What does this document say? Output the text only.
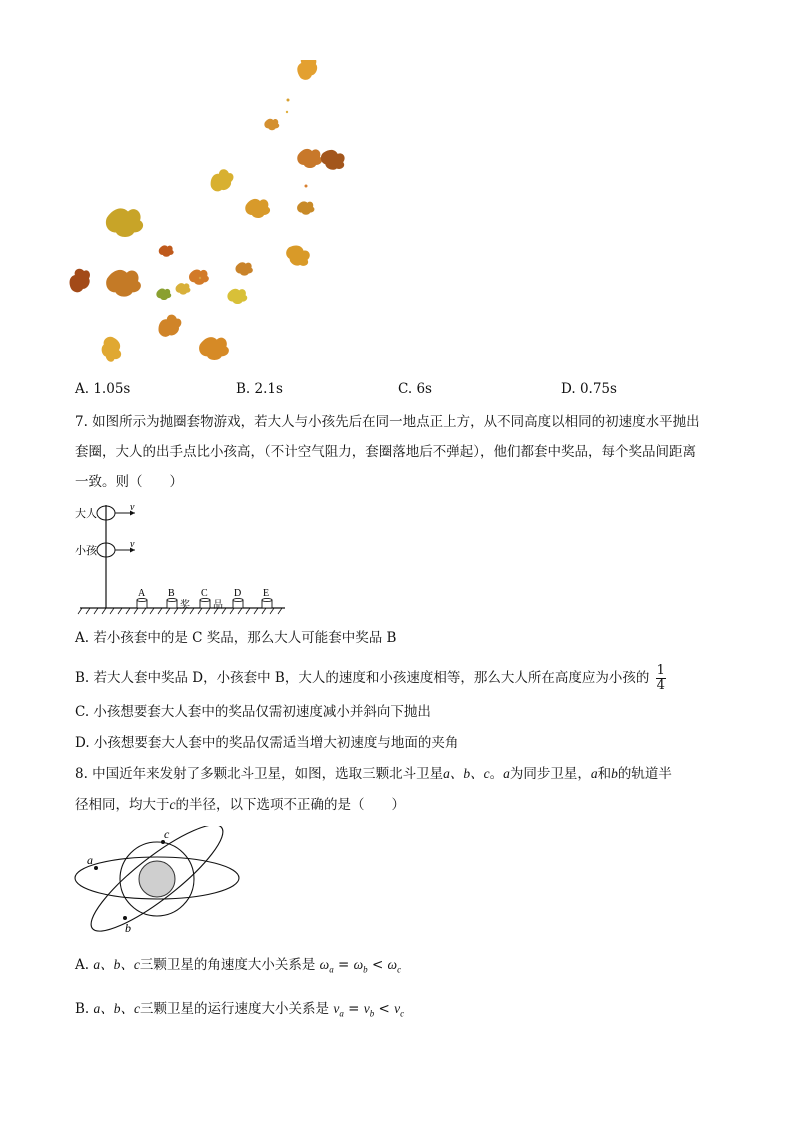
A. 1.05s	B. 2.1s	C. 6s	D. 0.75s
7. 如图所示为抛圈套物游戏，若大人与小孩先后在同一地点正上方，从不同高度以相同的初速度水平抛出
套圈，大人的出手点比小孩高，（不计空气阻力，套圈落地后不弹起），他们都套中奖品，每个奖品间距离
一致。则（　　）
大人
小孩
v
v
A B	C	D E
奖 品
A. 若小孩套中的是 C 奖品，那么大人可能套中奖品 B
B. 若大人套中奖品 D，小孩套中 B，大人的速度和小孩速度相等，那么大人所在高度应为小孩的 $\frac{1}{4}$
C. 小孩想要套大人套中的奖品仅需初速度减小并斜向下抛出
D. 小孩想要套大人套中的奖品仅需适当增大初速度与地面的夹角
8. 中国近年来发射了多颗北斗卫星，如图，选取三颗北斗卫星a、b、c。a为同步卫星，a和b的轨道半
径相同，均大于c的半径，以下选项不正确的是（　　）
a
b
c
A. a、b、c三颗卫星的角速度大小关系是 $\omega_a = \omega_b < \omega_c$
B. a、b、c三颗卫星的运行速度大小关系是 $v_a = v_b < v_c$
